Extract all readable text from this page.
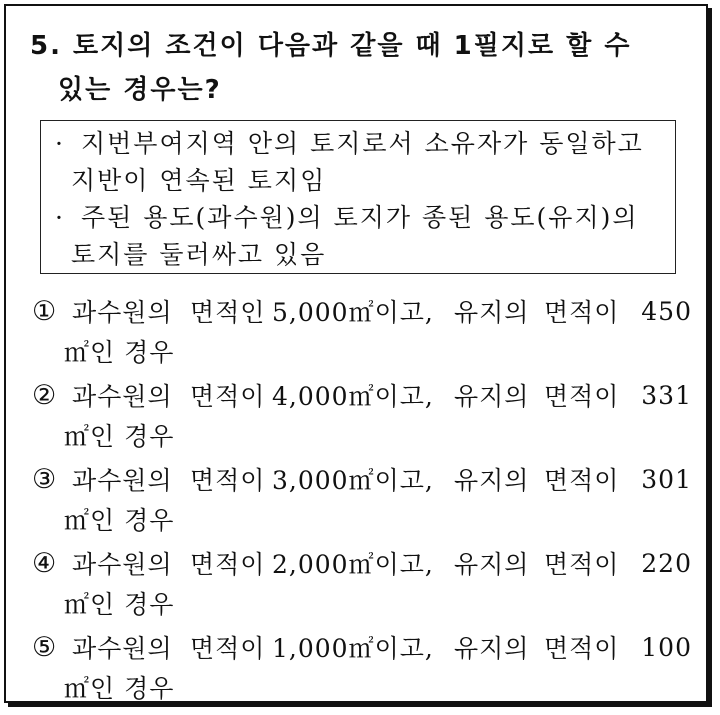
5. 토지의 조건이 다음과 같을 때 1필지로 할 수
있는 경우는?
· 지번부여지역 안의 토지로서 소유자가 동일하고
지반이 연속된 토지임
· 주된 용도(과수원)의 토지가 종된 용도(유지)의
토지를 둘러싸고 있음
① 과수원의 면적인 5,000㎡이고, 유지의 면적이 450
㎡인 경우
② 과수원의 면적이 4,000㎡이고, 유지의 면적이 331
㎡인 경우
③ 과수원의 면적이 3,000㎡이고, 유지의 면적이 301
㎡인 경우
④ 과수원의 면적이 2,000㎡이고, 유지의 면적이 220
㎡인 경우
⑤ 과수원의 면적이 1,000㎡이고, 유지의 면적이 100
㎡인 경우
